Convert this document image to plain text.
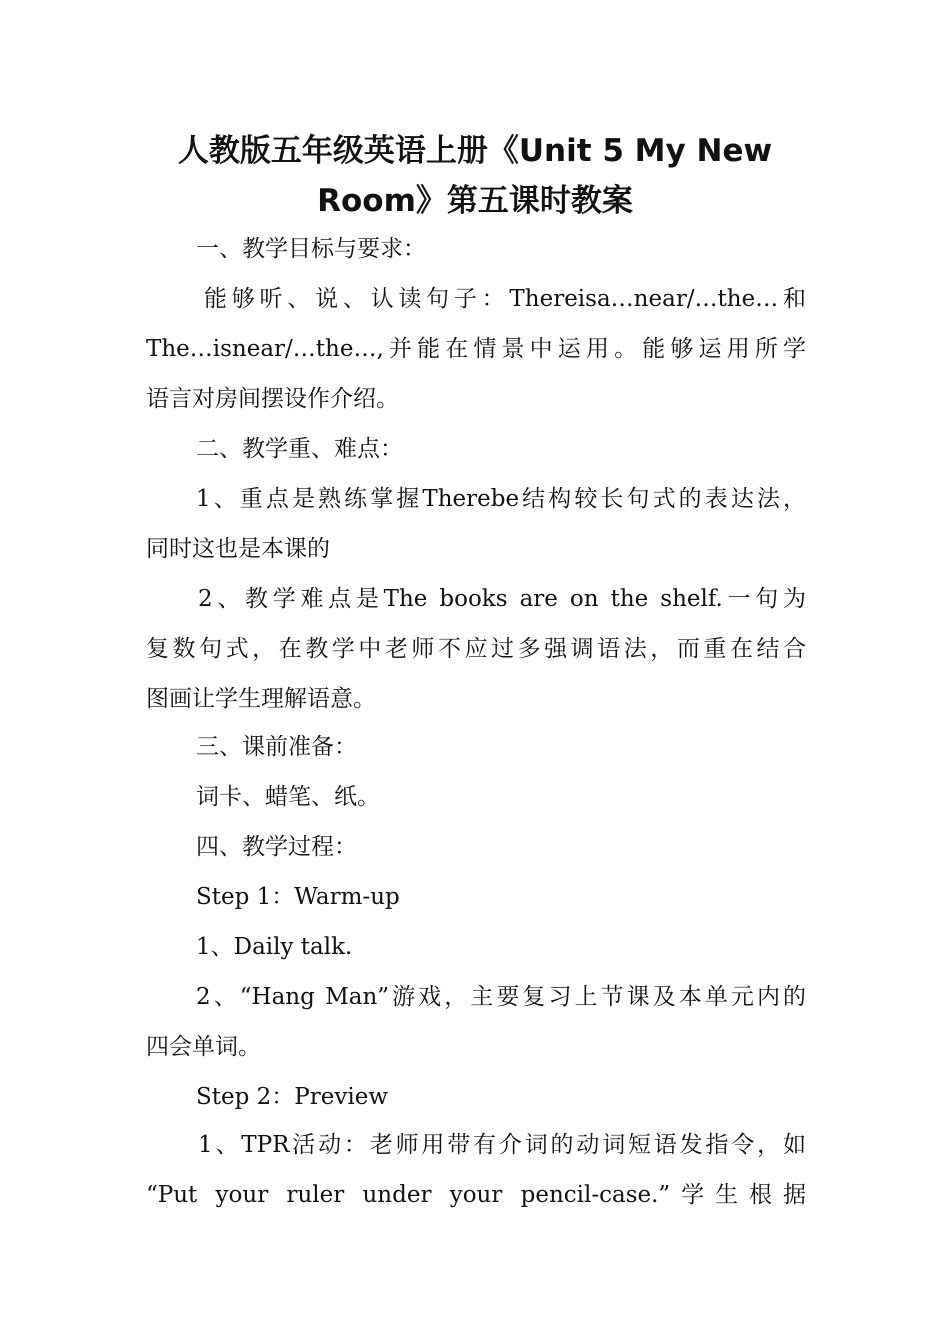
人教版五年级英语上册《Unit 5 My New
Room》第五课时教案

一、教学目标与要求：

能够听、说、认读句子：Thereisa…near/…the…和

The…isnear/…the…,并能在情景中运用。能够运用所学

语言对房间摆设作介绍。

二、教学重、难点：

1、重点是熟练掌握Therebe结构较长句式的表达法，

同时这也是本课的

2、教学难点是The books are on the shelf.一句为

复数句式，在教学中老师不应过多强调语法，而重在结合

图画让学生理解语意。

三、课前准备：

词卡、蜡笔、纸。

四、教学过程：

Step 1：Warm-up

1、Daily talk.

2、“Hang Man”游戏，主要复习上节课及本单元内的

四会单词。

Step 2：Preview

1、TPR活动：老师用带有介词的动词短语发指令，如

“Put your ruler under your pencil-case.”学生根据
